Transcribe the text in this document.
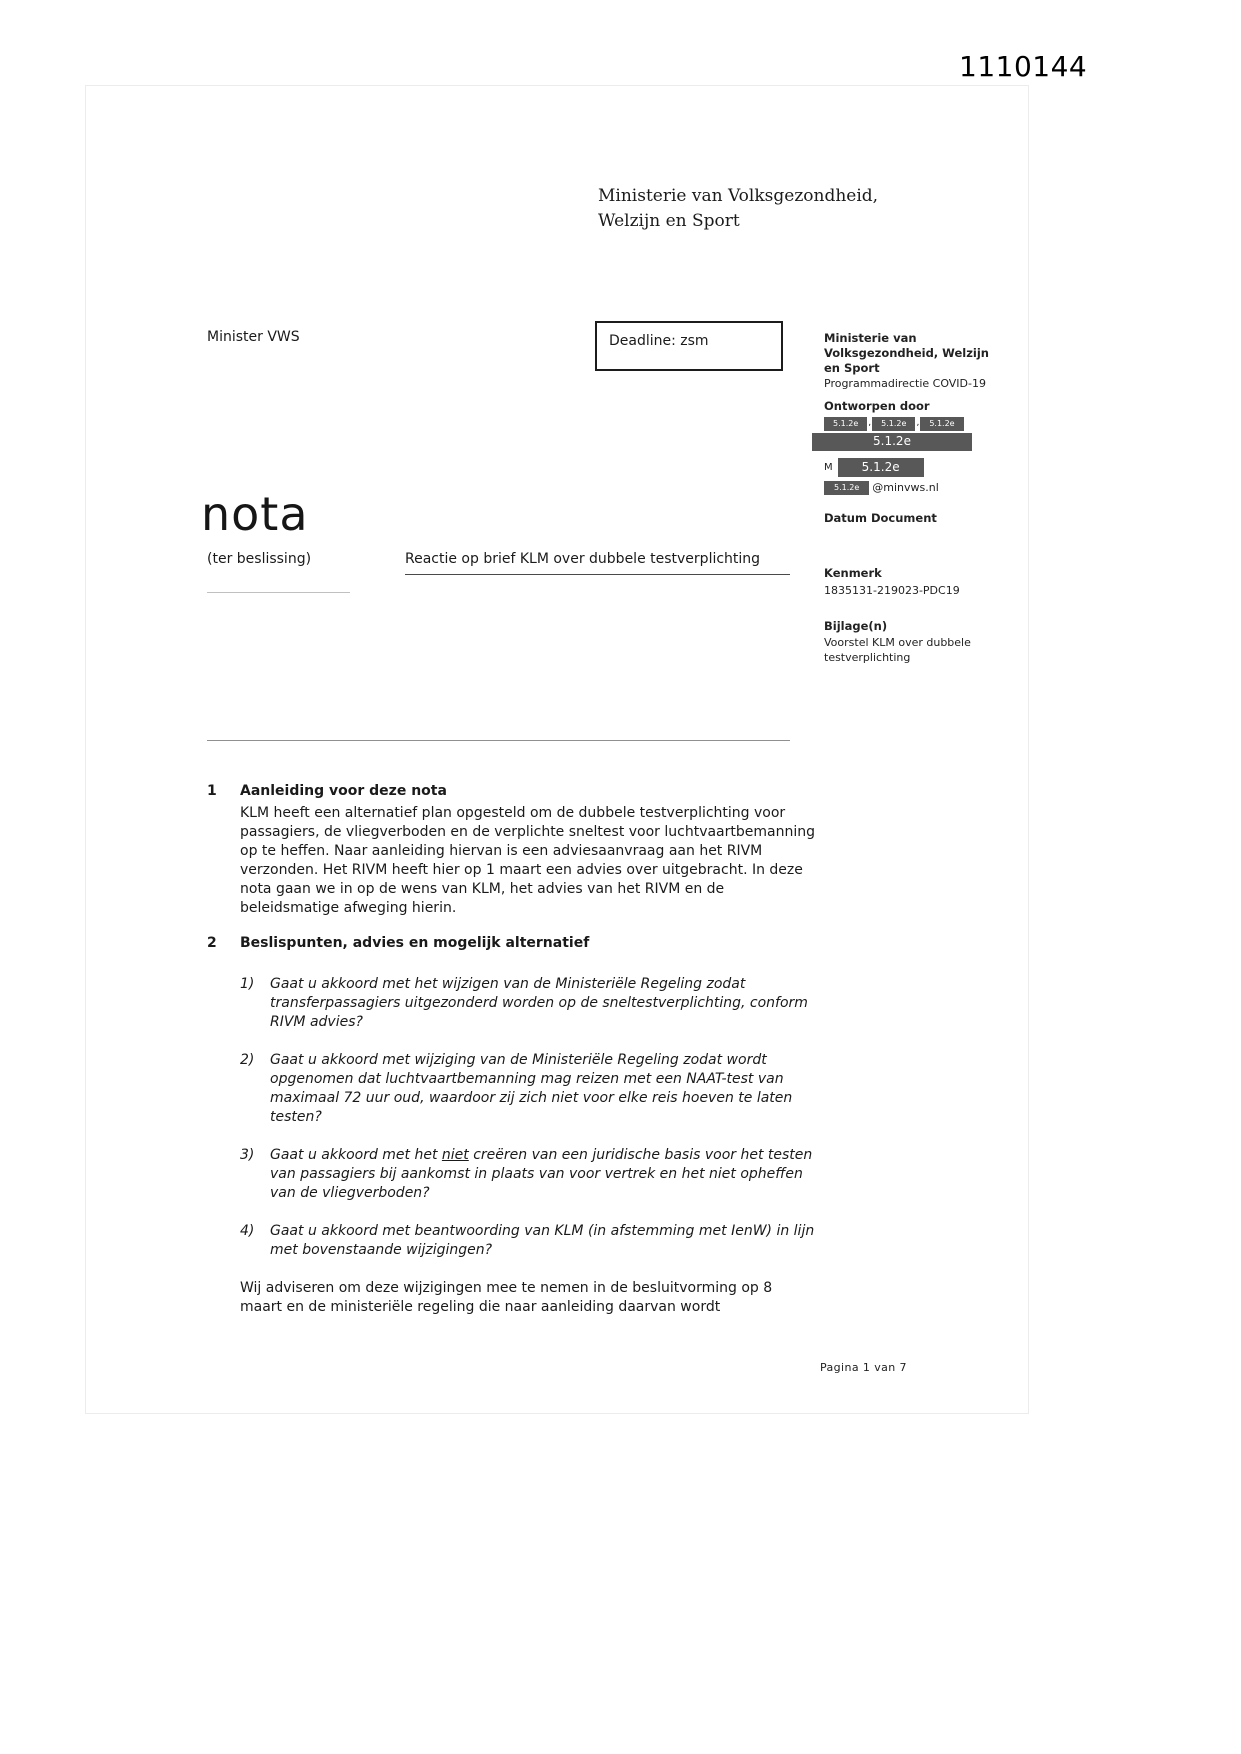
1110144
Ministerie van Volksgezondheid,
Welzijn en Sport
Minister VWS	Deadline: zsm	Ministerie van Volksgezondheid, Welzijn en Sport
Programmadirectie COVID-19
Ontworpen door
5.1.2e	,	5.1.2e	,	5.1.2e
5.1.2e
M	5.1.2e
5.1.2e	@minvws.nl
Datum Document
Kenmerk
1835131-219023-PDC19
Bijlage(n)
Voorstel KLM over dubbele testverplichting
nota
(ter beslissing)	Reactie op brief KLM over dubbele testverplichting
1 Aanleiding voor deze nota
KLM heeft een alternatief plan opgesteld om de dubbele testverplichting voor passagiers, de vliegverboden en de verplichte sneltest voor luchtvaartbemanning op te heffen. Naar aanleiding hiervan is een adviesaanvraag aan het RIVM verzonden. Het RIVM heeft hier op 1 maart een advies over uitgebracht. In deze nota gaan we in op de wens van KLM, het advies van het RIVM en de beleidsmatige afweging hierin.
2 Beslispunten, advies en mogelijk alternatief
1)	Gaat u akkoord met het wijzigen van de Ministeriële Regeling zodat transferpassagiers uitgezonderd worden op de sneltestverplichting, conform RIVM advies?
2)	Gaat u akkoord met wijziging van de Ministeriële Regeling zodat wordt opgenomen dat luchtvaartbemanning mag reizen met een NAAT-test van maximaal 72 uur oud, waardoor zij zich niet voor elke reis hoeven te laten testen?
3)	Gaat u akkoord met het niet creëren van een juridische basis voor het testen van passagiers bij aankomst in plaats van voor vertrek en het niet opheffen van de vliegverboden?
4)	Gaat u akkoord met beantwoording van KLM (in afstemming met IenW) in lijn met bovenstaande wijzigingen?
Wij adviseren om deze wijzigingen mee te nemen in de besluitvorming op 8 maart en de ministeriële regeling die naar aanleiding daarvan wordt
Pagina 1 van 7
